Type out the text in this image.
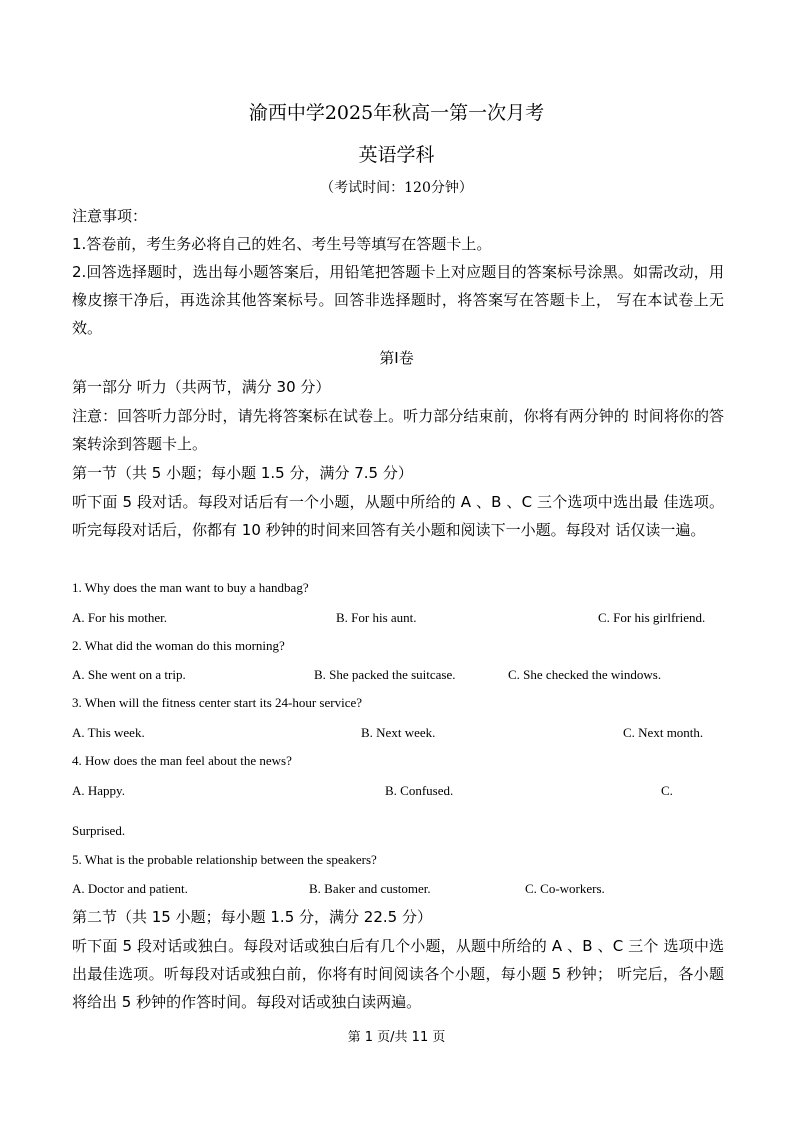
渝西中学2025年秋高一第一次月考
英语学科
（考试时间：120分钟）
注意事项：
1.答卷前，考生务必将自己的姓名、考生号等填写在答题卡上。
2.回答选择题时，选出每小题答案后，用铅笔把答题卡上对应题目的答案标号涂黑。如需改动，用橡皮擦干净后，再选涂其他答案标号。回答非选择题时，将答案写在答题卡上， 写在本试卷上无效。
第Ⅰ卷
第一部分 听力（共两节，满分 30 分）
注意：回答听力部分时，请先将答案标在试卷上。听力部分结束前，你将有两分钟的 时间将你的答案转涂到答题卡上。
第一节（共 5 小题；每小题 1.5 分，满分 7.5 分）
听下面 5 段对话。每段对话后有一个小题，从题中所给的 A 、B 、C 三个选项中选出最 佳选项。听完每段对话后，你都有 10 秒钟的时间来回答有关小题和阅读下一小题。每段对 话仅读一遍。
1. Why does the man want to buy a handbag?
A. For his mother.	B. For his aunt.	C. For his girlfriend.
2. What did the woman do this morning?
A. She went on a trip.	B. She packed the suitcase.	C. She checked the windows.
3. When will the fitness center start its 24-hour service?
A. This week.	B. Next week.	C. Next month.
4. How does the man feel about the news?
A. Happy.	B. Confused.	C.
Surprised.
5. What is the probable relationship between the speakers?
A. Doctor and patient.	B. Baker and customer.	C. Co-workers.
第二节（共 15 小题；每小题 1.5 分，满分 22.5 分）
听下面 5 段对话或独白。每段对话或独白后有几个小题，从题中所给的 A 、B 、C 三个 选项中选出最佳选项。听每段对话或独白前，你将有时间阅读各个小题，每小题 5 秒钟； 听完后，各小题将给出 5 秒钟的作答时间。每段对话或独白读两遍。
第 1 页/共 11 页
